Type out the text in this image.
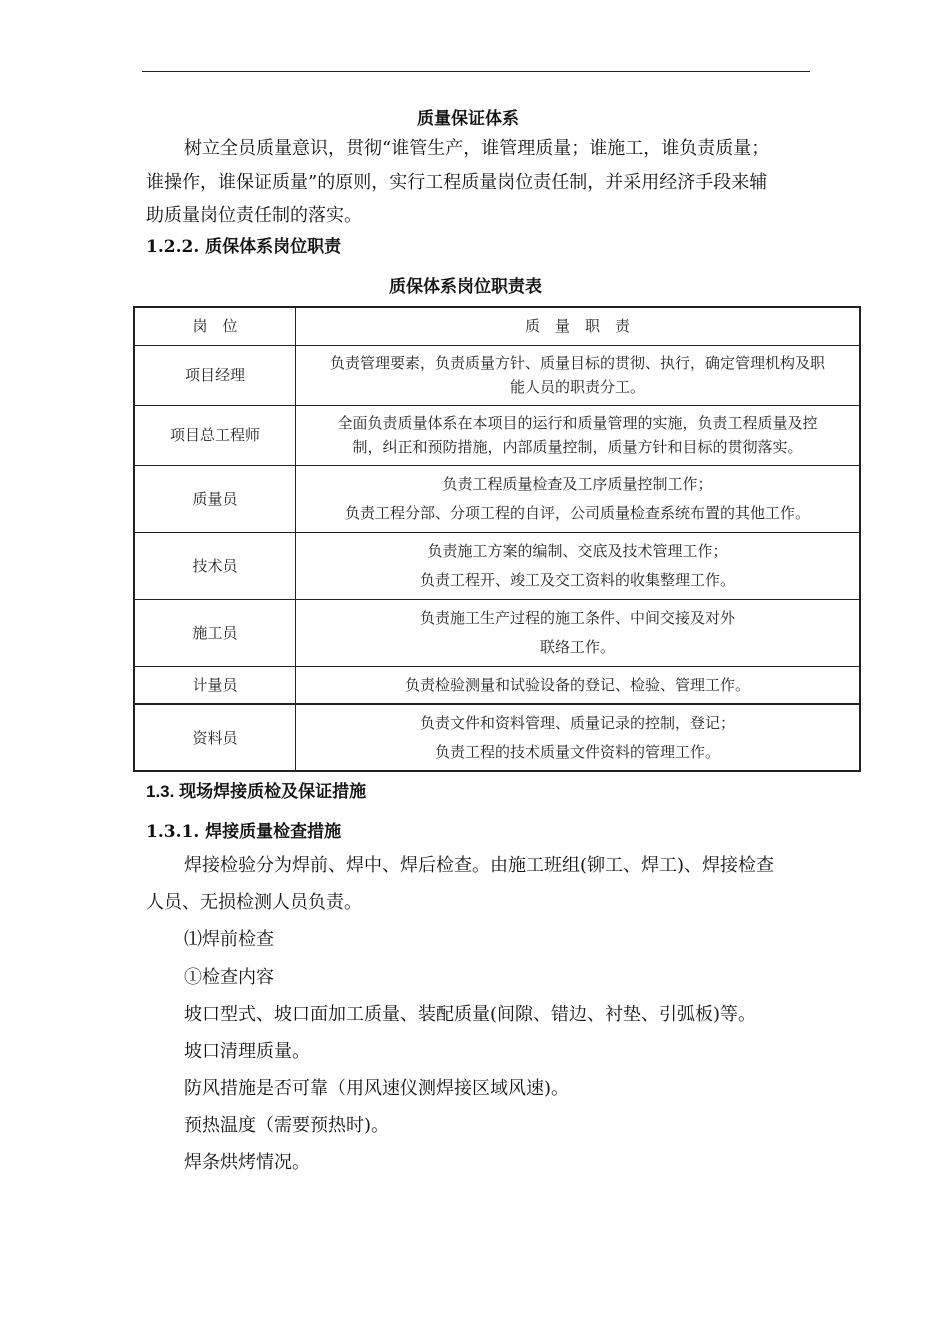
质量保证体系
树立全员质量意识，贯彻“谁管生产，谁管理质量；谁施工，谁负责质量；
谁操作，谁保证质量”的原则，实行工程质量岗位责任制，并采用经济手段来辅
助质量岗位责任制的落实。
1.2.2. 质保体系岗位职责
质保体系岗位职责表
岗　位	质　量　职　责
项目经理	负责管理要素，负责质量方针、质量目标的贯彻、执行，确定管理机构及职
能人员的职责分工。

项目总工程师	全面负责质量体系在本项目的运行和质量管理的实施，负责工程质量及控
制，纠正和预防措施，内部质量控制，质量方针和目标的贯彻落实。

质量员	负责工程质量检查及工序质量控制工作；
负责工程分部、分项工程的自评，公司质量检查系统布置的其他工作。

技术员	负责施工方案的编制、交底及技术管理工作；
负责工程开、竣工及交工资料的收集整理工作。

施工员	负责施工生产过程的施工条件、中间交接及对外
联络工作。

计量员	负责检验测量和试验设备的登记、检验、管理工作。

资料员	负责文件和资料管理、质量记录的控制，登记；
负责工程的技术质量文件资料的管理工作。
1.3. 现场焊接质检及保证措施
1.3.1. 焊接质量检查措施
焊接检验分为焊前、焊中、焊后检查。由施工班组(铆工、焊工)、焊接检查
人员、无损检测人员负责。
⑴焊前检查
①检查内容
坡口型式、坡口面加工质量、装配质量(间隙、错边、衬垫、引弧板)等。
坡口清理质量。
防风措施是否可靠（用风速仪测焊接区域风速)。
预热温度（需要预热时)。
焊条烘烤情况。
